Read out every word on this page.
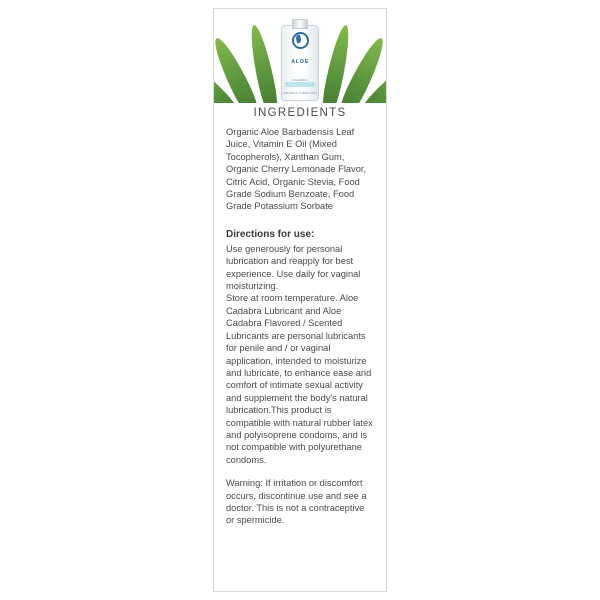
ALOE CADABRA
NATURAL LUBRICANT
INGREDIENTS
Organic Aloe Barbadensis Leaf Juice, Vitamin E Oil (Mixed Tocopherols), Xanthan Gum, Organic Cherry Lemonade Flavor, Citric Acid, Organic Stevia, Food Grade Sodium Benzoate, Food Grade Potassium Sorbate
Directions for use:

Use generously for personal lubrication and reapply for best experience. Use daily for vaginal moisturizing.

Store at room temperature. Aloe Cadabra Lubricant and Aloe Cadabra Flavored / Scented Lubricants are personal lubricants for penile and / or vaginal application, intended to moisturize and lubricate, to enhance ease and comfort of intimate sexual activity and supplement the body's natural lubrication.This product is compatible with natural rubber latex and polyisoprene condoms, and is not compatible with polyurethane condoms.

Warning: If irritation or discomfort occurs, discontinue use and see a doctor. This is not a contraceptive or spermicide.
